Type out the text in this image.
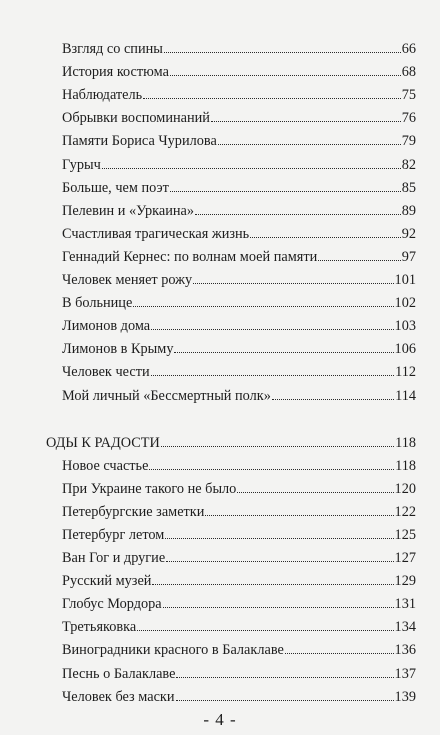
Взгляд со спины	66
История костюма	68
Наблюдатель	75
Обрывки воспоминаний	76
Памяти Бориса Чурилова	79
Гурыч	82
Больше, чем поэт	85
Пелевин и «Уркаина»	89
Счастливая трагическая жизнь	92
Геннадий Кернес: по волнам моей памяти	97
Человек меняет рожу	101
В больнице	102
Лимонов дома	103
Лимонов в Крыму	106
Человек чести	112
Мой личный «Бессмертный полк»	114
ОДЫ К РАДОСТИ	118
Новое счастье	118
При Украине такого не было	120
Петербургские заметки	122
Петербург летом	125
Ван Гог и другие	127
Русский музей	129
Глобус Мордора	131
Третьяковка	134
Виноградники красного в Балаклаве	136
Песнь о Балаклаве	137
Человек без маски	139
- 4 -
